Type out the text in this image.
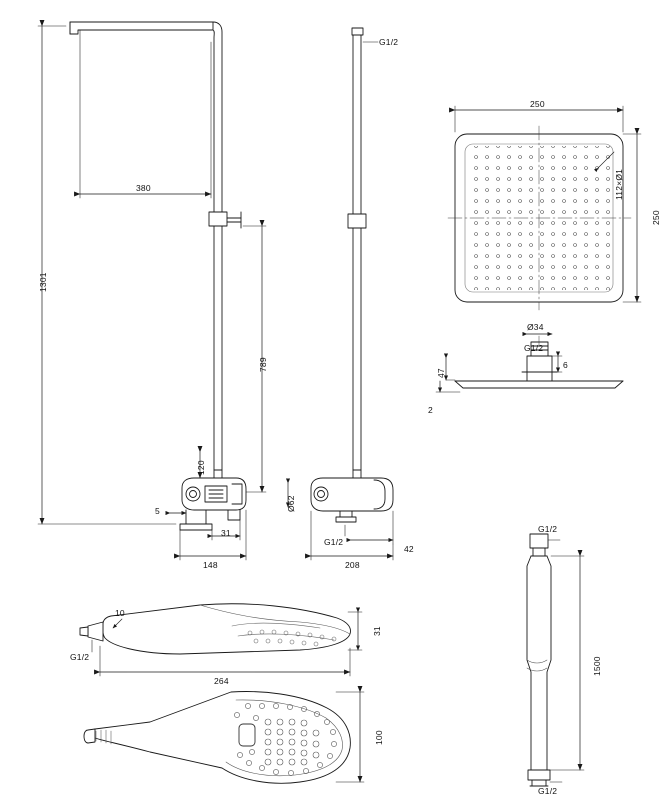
1301
380
789
120
5
31
148
G1/2
Ø62
G1/2
42
208
250
250
112×Ø1
Ø34
G1/2
6
47
2
10
G1/2
31
264
100
G1/2
1500
G1/2
